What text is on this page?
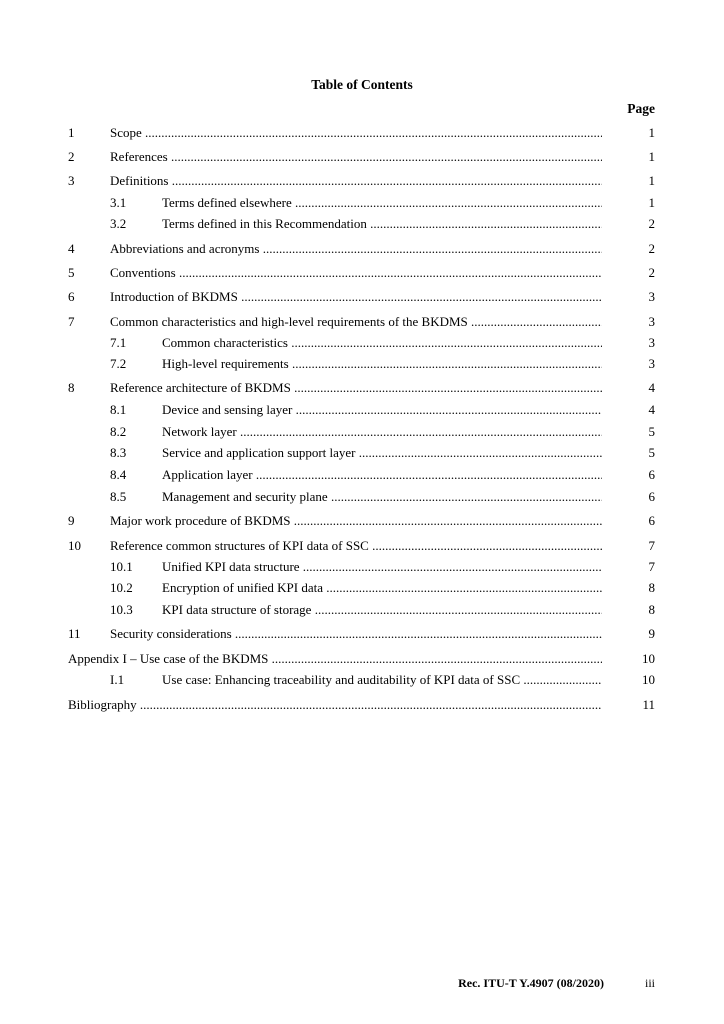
Table of Contents
Page
1	Scope .....	1
2	References .....	1
3	Definitions .....	1
3.1	Terms defined elsewhere .....	1
3.2	Terms defined in this Recommendation .....	2
4	Abbreviations and acronyms .....	2
5	Conventions .....	2
6	Introduction of BKDMS .....	3
7	Common characteristics and high-level requirements of the BKDMS .....	3
7.1	Common characteristics .....	3
7.2	High-level requirements .....	3
8	Reference architecture of BKDMS .....	4
8.1	Device and sensing layer .....	4
8.2	Network layer .....	5
8.3	Service and application support layer .....	5
8.4	Application layer .....	6
8.5	Management and security plane .....	6
9	Major work procedure of BKDMS .....	6
10 Reference common structures of KPI data of SSC .....	7
10.1 Unified KPI data structure .....	7
10.2 Encryption of unified KPI data .....	8
10.3 KPI data structure of storage .....	8
11 Security considerations .....	9
Appendix I – Use case of the BKDMS .....	10
I.1	Use case: Enhancing traceability and auditability of KPI data of SSC .....	10
Bibliography .....	11
Rec. ITU-T Y.4907 (08/2020)	iii
